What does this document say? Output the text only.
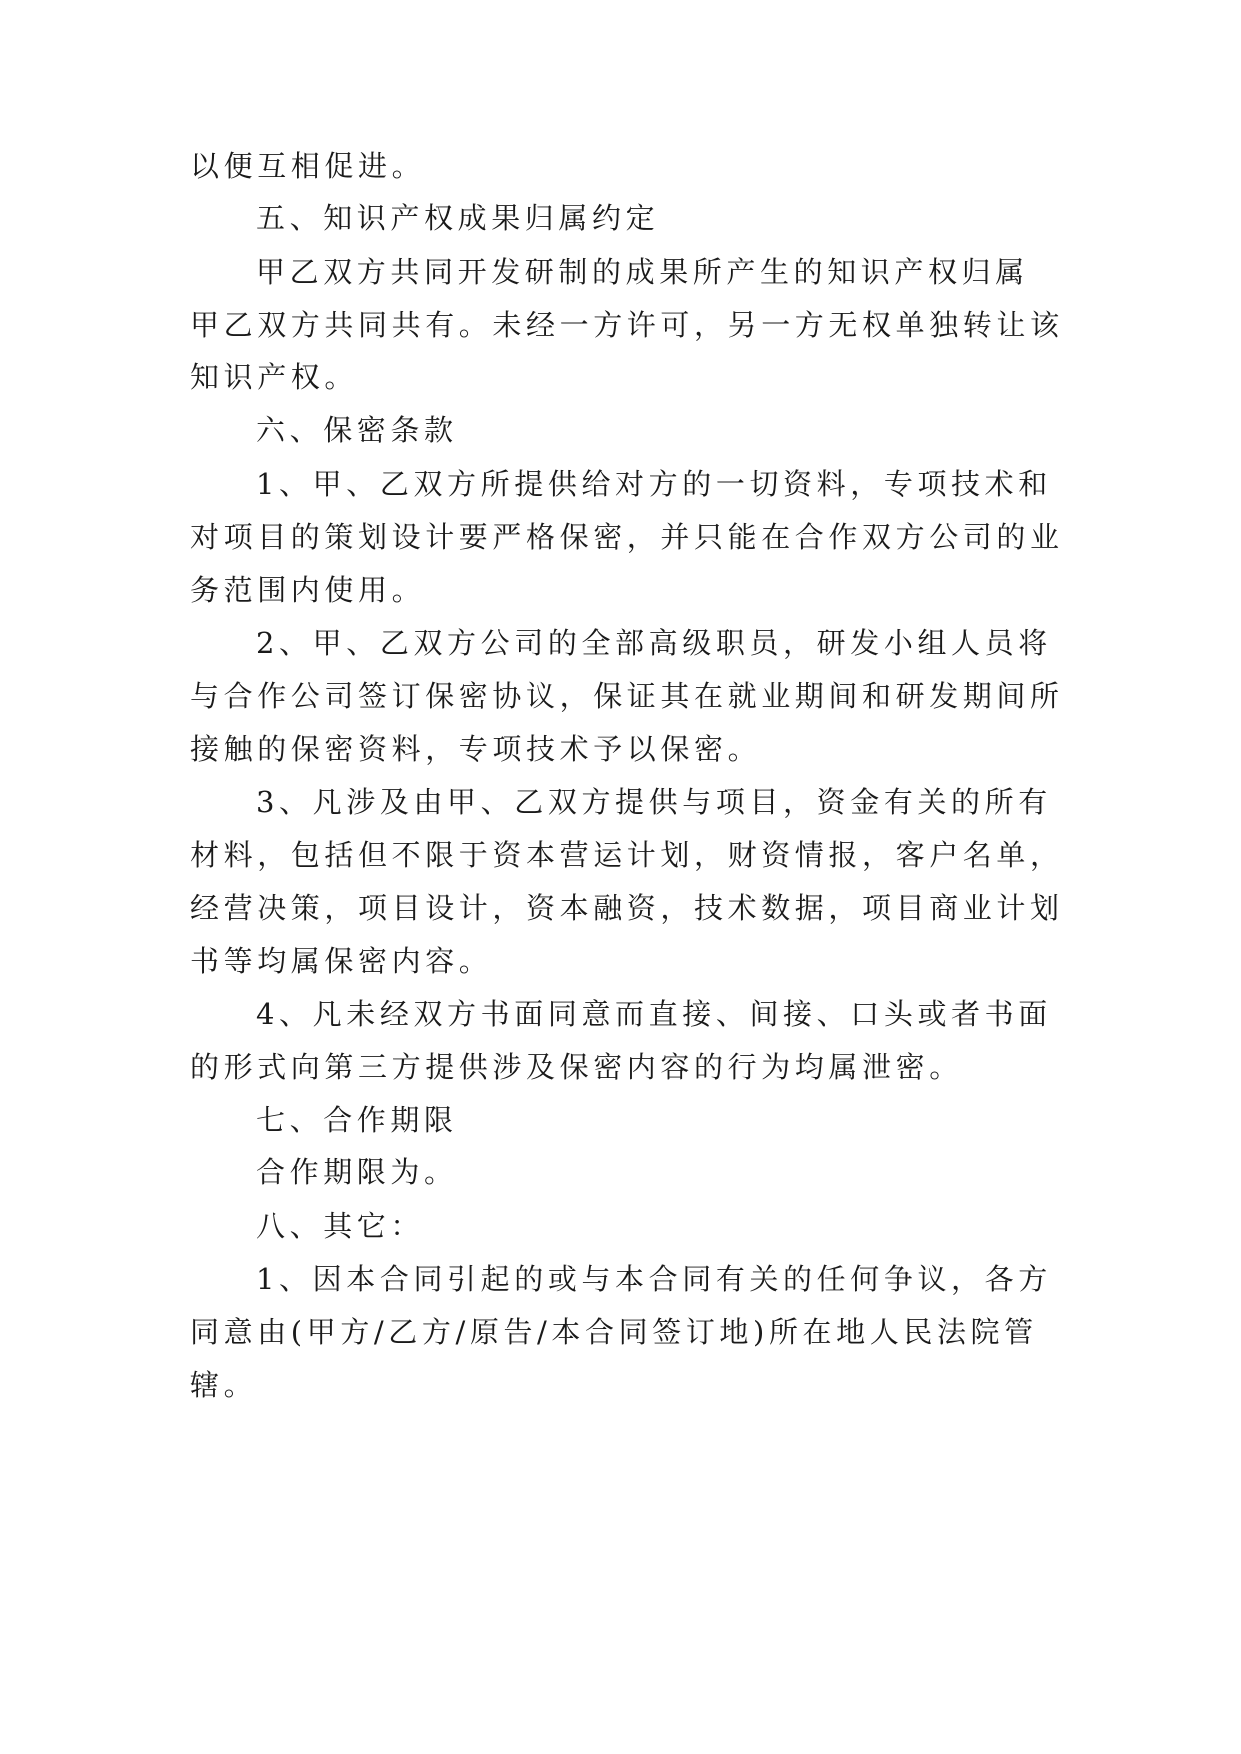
以便互相促进。
五、知识产权成果归属约定
甲乙双方共同开发研制的成果所产生的知识产权归属
甲乙双方共同共有。未经一方许可，另一方无权单独转让该
知识产权。
六、保密条款
1、甲、乙双方所提供给对方的一切资料，专项技术和
对项目的策划设计要严格保密，并只能在合作双方公司的业
务范围内使用。
2、甲、乙双方公司的全部高级职员，研发小组人员将
与合作公司签订保密协议，保证其在就业期间和研发期间所
接触的保密资料，专项技术予以保密。
3、凡涉及由甲、乙双方提供与项目，资金有关的所有
材料，包括但不限于资本营运计划，财资情报，客户名单，
经营决策，项目设计，资本融资，技术数据，项目商业计划
书等均属保密内容。
4、凡未经双方书面同意而直接、间接、口头或者书面
的形式向第三方提供涉及保密内容的行为均属泄密。
七、合作期限
合作期限为。
八、其它：
1、因本合同引起的或与本合同有关的任何争议，各方
同意由(甲方/乙方/原告/本合同签订地)所在地人民法院管
辖。
